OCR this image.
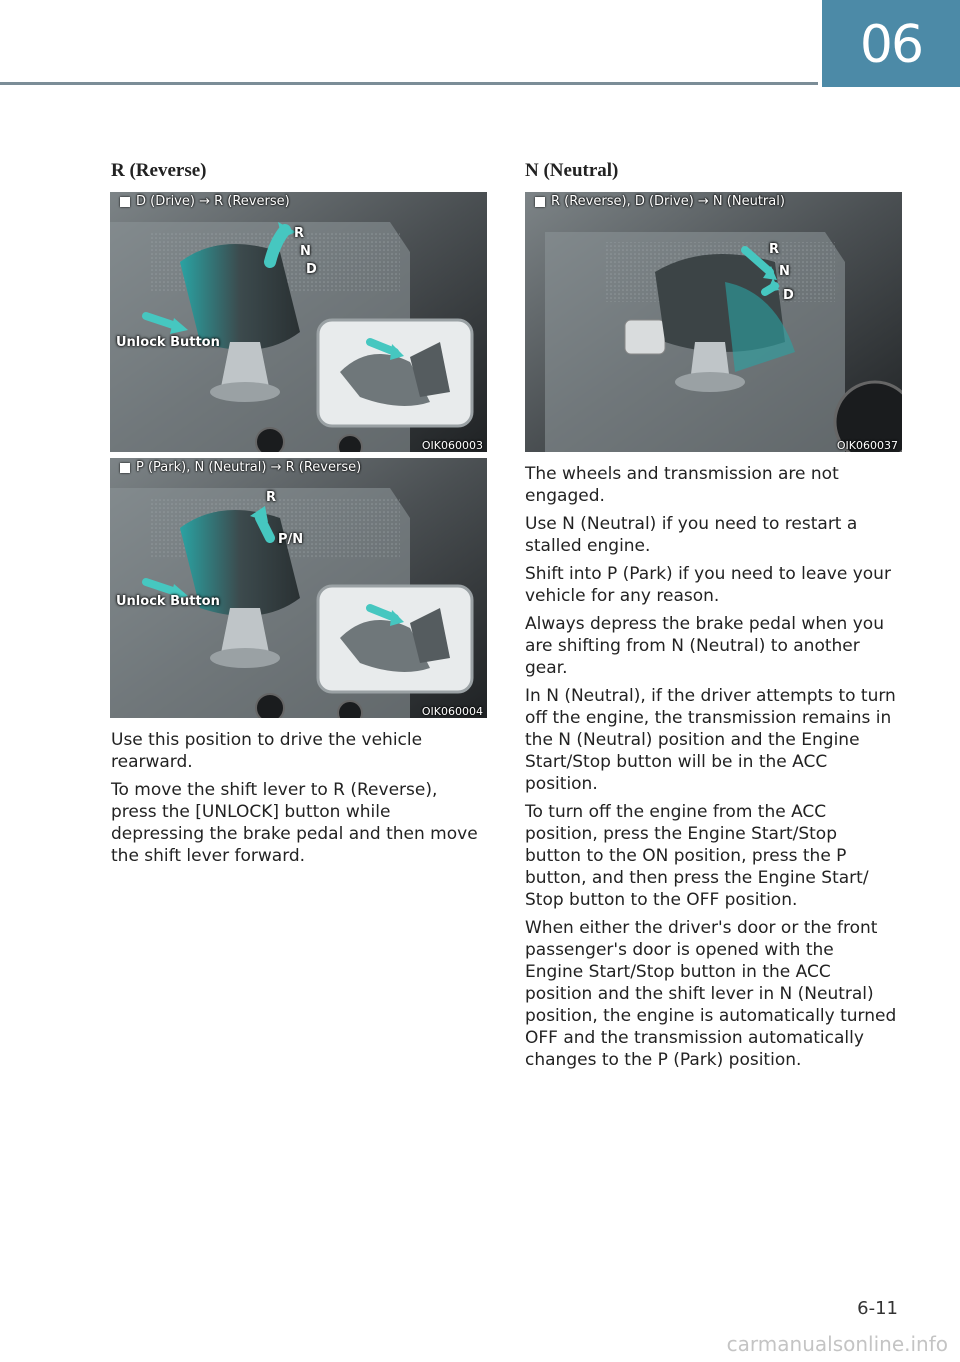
06
R (Reverse)
D (Drive) → R (Reverse)
R
N
D
Unlock Button
OIK060003
P (Park), N (Neutral) → R (Reverse)
R
P/N
Unlock Button
OIK060004

Use this position to drive the vehicle rearward.

To move the shift lever to R (Reverse), press the [UNLOCK] button while depressing the brake pedal and then move the shift lever forward.

N (Neutral)
R (Reverse), D (Drive) → N (Neutral)
R
N
D
OIK060037

The wheels and transmission are not engaged.

Use N (Neutral) if you need to restart a stalled engine.

Shift into P (Park) if you need to leave your vehicle for any reason.

Always depress the brake pedal when you are shifting from N (Neutral) to another gear.

In N (Neutral), if the driver attempts to turn off the engine, the transmission remains in the N (Neutral) position and the Engine Start/Stop button will be in the ACC position.

To turn off the engine from the ACC position, press the Engine Start/Stop button to the ON position, press the P button, and then press the Engine Start/ Stop button to the OFF position.

When either the driver's door or the front passenger's door is opened with the Engine Start/Stop button in the ACC position and the shift lever in N (Neutral) position, the engine is automatically turned OFF and the transmission automatically changes to the P (Park) position.

6-11
carmanualsonline.info
